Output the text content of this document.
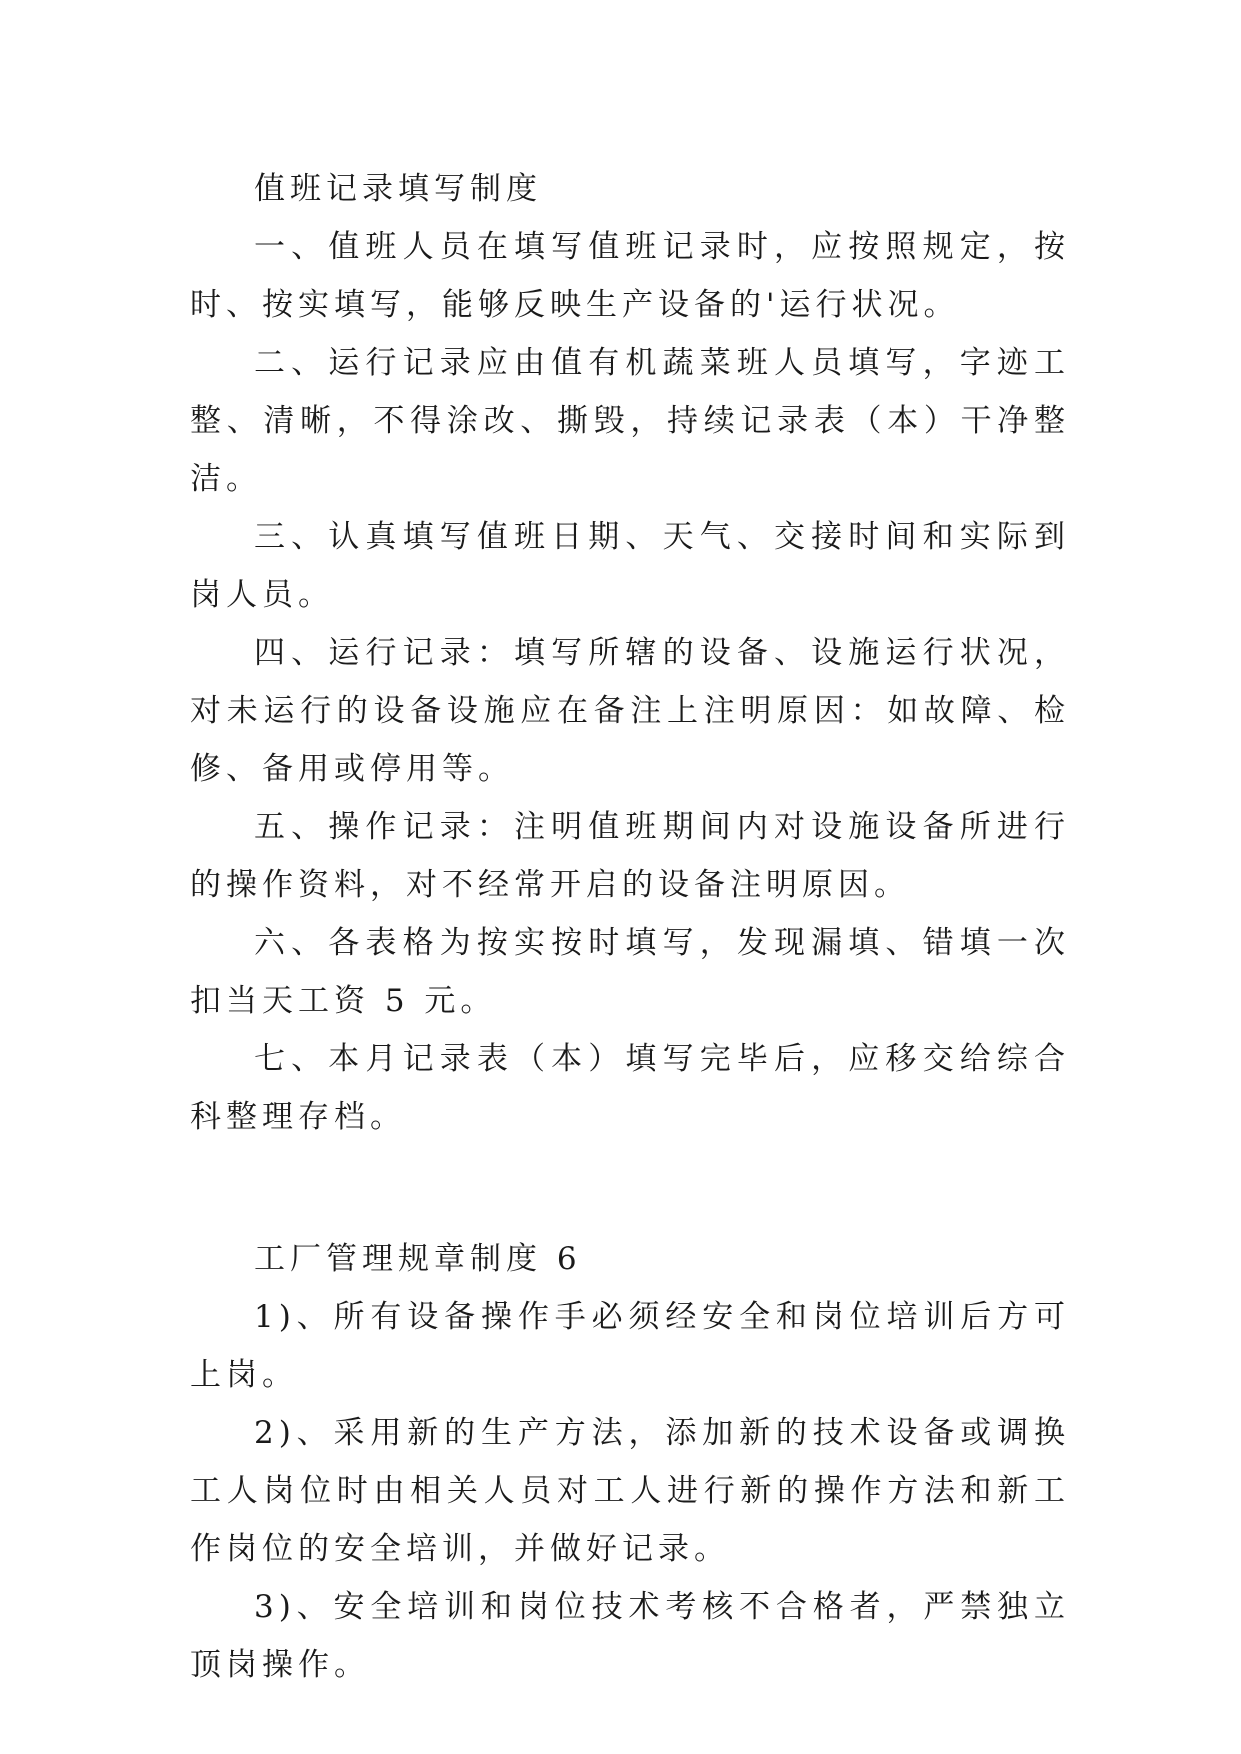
值班记录填写制度

一、值班人员在填写值班记录时，应按照规定，按时、按实填写，能够反映生产设备的'运行状况。

二、运行记录应由值有机蔬菜班人员填写，字迹工整、清晰，不得涂改、撕毁，持续记录表（本）干净整洁。

三、认真填写值班日期、天气、交接时间和实际到岗人员。

四、运行记录：填写所辖的设备、设施运行状况，对未运行的设备设施应在备注上注明原因：如故障、检修、备用或停用等。

五、操作记录：注明值班期间内对设施设备所进行的操作资料，对不经常开启的设备注明原因。

六、各表格为按实按时填写，发现漏填、错填一次扣当天工资 5 元。

七、本月记录表（本）填写完毕后，应移交给综合科整理存档。

工厂管理规章制度 6

1)、所有设备操作手必须经安全和岗位培训后方可上岗。

2)、采用新的生产方法，添加新的技术设备或调换工人岗位时由相关人员对工人进行新的操作方法和新工作岗位的安全培训，并做好记录。

3)、安全培训和岗位技术考核不合格者，严禁独立顶岗操作。
